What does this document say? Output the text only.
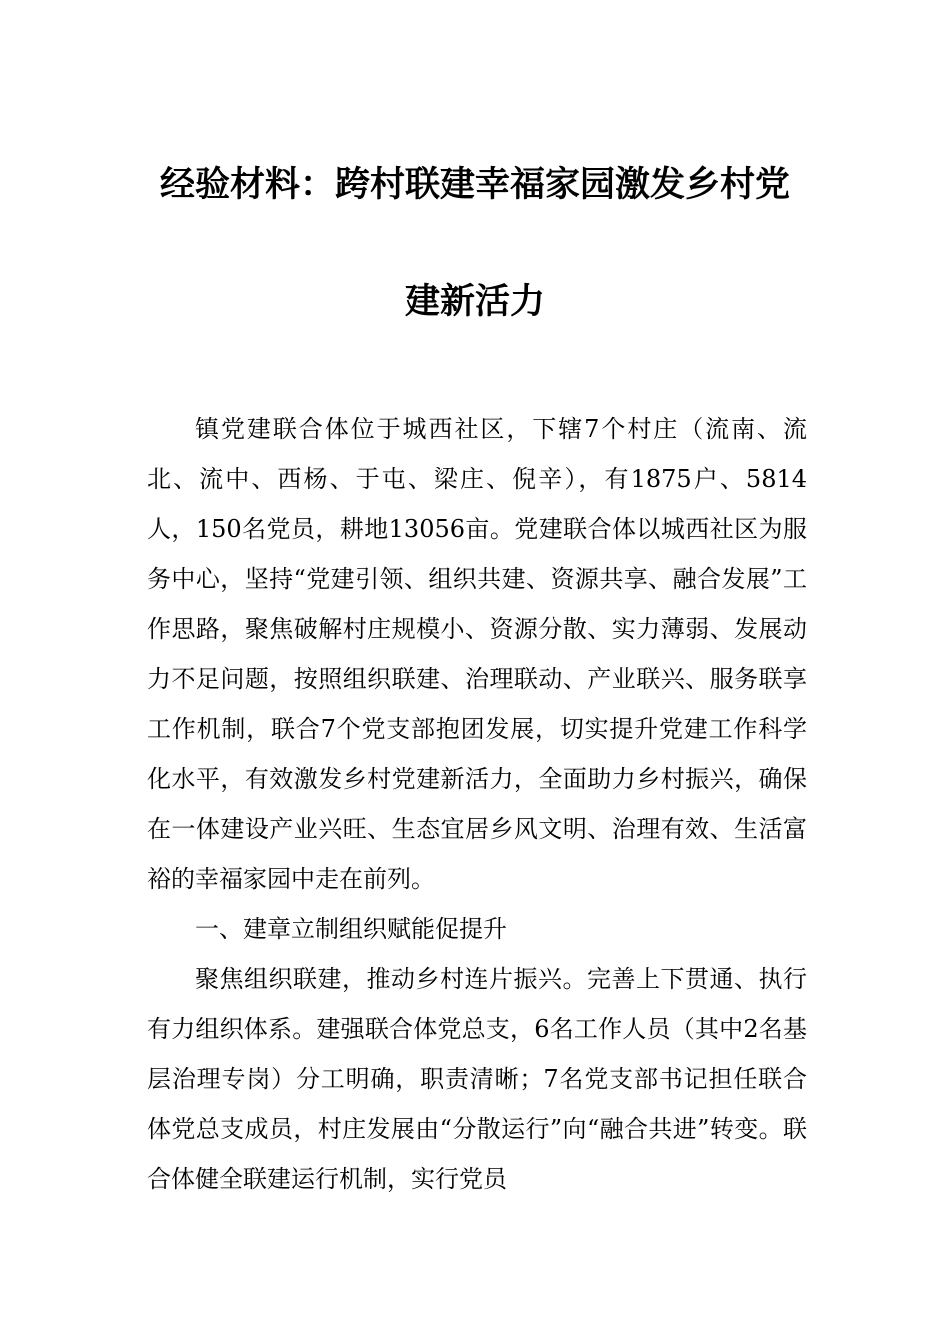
经验材料：跨村联建幸福家园激发乡村党
建新活力

镇党建联合体位于城西社区，下辖7个村庄（流南、流北、流中、西杨、于屯、梁庄、倪辛），有1875户、5814人，150名党员，耕地13056亩。党建联合体以城西社区为服务中心，坚持“党建引领、组织共建、资源共享、融合发展”工作思路，聚焦破解村庄规模小、资源分散、实力薄弱、发展动力不足问题，按照组织联建、治理联动、产业联兴、服务联享工作机制，联合7个党支部抱团发展，切实提升党建工作科学化水平，有效激发乡村党建新活力，全面助力乡村振兴，确保在一体建设产业兴旺、生态宜居乡风文明、治理有效、生活富裕的幸福家园中走在前列。

一、建章立制组织赋能促提升

聚焦组织联建，推动乡村连片振兴。完善上下贯通、执行有力组织体系。建强联合体党总支，6名工作人员（其中2名基层治理专岗）分工明确，职责清晰；7名党支部书记担任联合体党总支成员，村庄发展由“分散运行”向“融合共进”转变。联合体健全联建运行机制，实行党员
